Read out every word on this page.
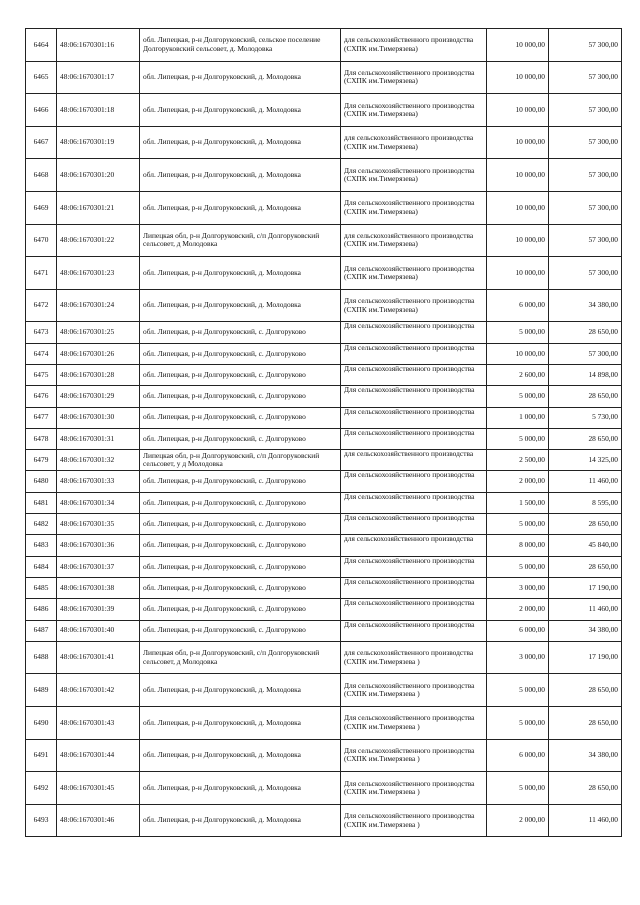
6464	48:06:1670301:16	обл. Липецкая, р-н Долгоруковский, сельское поселение Долгоруковский сельсовет, д. Молодовка	для сельскохозяйственного производства (СХПК им.Тимерязева)	10 000,00	57 300,00
6465	48:06:1670301:17	обл. Липецкая, р-н Долгоруковский, д. Молодовка	Для сельскохозяйственного производства (СХПК им.Тимерязева)	10 000,00	57 300,00
6466	48:06:1670301:18	обл. Липецкая, р-н Долгоруковский, д. Молодовка	Для сельскохозяйственного производства (СХПК им.Тимерязева)	10 000,00	57 300,00
6467	48:06:1670301:19	обл. Липецкая, р-н Долгоруковский, д. Молодовка	для сельскохозяйственного производства (СХПК им.Тимерязева)	10 000,00	57 300,00
6468	48:06:1670301:20	обл. Липецкая, р-н Долгоруковский, д. Молодовка	Для сельскохозяйственного производства (СХПК им.Тимерязева)	10 000,00	57 300,00
6469	48:06:1670301:21	обл. Липецкая, р-н Долгоруковский, д. Молодовка	Для сельскохозяйственного производства (СХПК им.Тимерязева)	10 000,00	57 300,00
6470	48:06:1670301:22	Липецкая обл, р-н Долгоруковский, с/п Долгоруковский сельсовет, д Молодовка	для сельскохозяйственного производства (СХПК им.Тимерязева)	10 000,00	57 300,00
6471	48:06:1670301:23	обл. Липецкая, р-н Долгоруковский, д. Молодовка	Для сельскохозяйственного производства (СХПК им.Тимерязева)	10 000,00	57 300,00
6472	48:06:1670301:24	обл. Липецкая, р-н Долгоруковский, д. Молодовка	Для сельскохозяйственного производства (СХПК им.Тимерязева)	6 000,00	34 380,00
6473	48:06:1670301:25	обл. Липецкая, р-н Долгоруковский, с. Долгоруково	Для сельскохозяйственного производства	5 000,00	28 650,00
6474	48:06:1670301:26	обл. Липецкая, р-н Долгоруковский, с. Долгоруково	Для сельскохозяйственного производства	10 000,00	57 300,00
6475	48:06:1670301:28	обл. Липецкая, р-н Долгоруковский, с. Долгоруково	Для сельскохозяйственного производства	2 600,00	14 898,00
6476	48:06:1670301:29	обл. Липецкая, р-н Долгоруковский, с. Долгоруково	Для сельскохозяйственного производства	5 000,00	28 650,00
6477	48:06:1670301:30	обл. Липецкая, р-н Долгоруковский, с. Долгоруково	Для сельскохозяйственного производства	1 000,00	5 730,00
6478	48:06:1670301:31	обл. Липецкая, р-н Долгоруковский, с. Долгоруково	Для сельскохозяйственного производства	5 000,00	28 650,00
6479	48:06:1670301:32	Липецкая обл, р-н Долгоруковский, с/п Долгоруковский сельсовет, у д Молодовка	для сельскохозяйственного производства	2 500,00	14 325,00
6480	48:06:1670301:33	обл. Липецкая, р-н Долгоруковский, с. Долгоруково	Для сельскохозяйственного производства	2 000,00	11 460,00
6481	48:06:1670301:34	обл. Липецкая, р-н Долгоруковский, с. Долгоруково	Для сельскохозяйственного производства	1 500,00	8 595,00
6482	48:06:1670301:35	обл. Липецкая, р-н Долгоруковский, с. Долгоруково	Для сельскохозяйственного производства	5 000,00	28 650,00
6483	48:06:1670301:36	обл. Липецкая, р-н Долгоруковский, с. Долгоруково	для сельскохозяйственного производства	8 000,00	45 840,00
6484	48:06:1670301:37	обл. Липецкая, р-н Долгоруковский, с. Долгоруково	Для сельскохозяйственного производства	5 000,00	28 650,00
6485	48:06:1670301:38	обл. Липецкая, р-н Долгоруковский, с. Долгоруково	Для сельскохозяйственного производства	3 000,00	17 190,00
6486	48:06:1670301:39	обл. Липецкая, р-н Долгоруковский, с. Долгоруково	Для сельскохозяйственного производства	2 000,00	11 460,00
6487	48:06:1670301:40	обл. Липецкая, р-н Долгоруковский, с. Долгоруково	Для сельскохозяйственного производства	6 000,00	34 380,00
6488	48:06:1670301:41	Липецкая обл, р-н Долгоруковский, с/п Долгоруковский сельсовет, д Молодовка	для сельскохозяйственного производства (СХПК им.Тимерязева )	3 000,00	17 190,00
6489	48:06:1670301:42	обл. Липецкая, р-н Долгоруковский, д. Молодовка	Для сельскохозяйственного производства (СХПК им.Тимерязева )	5 000,00	28 650,00
6490	48:06:1670301:43	обл. Липецкая, р-н Долгоруковский, д. Молодовка	Для сельскохозяйственного производства (СХПК им.Тимерязева )	5 000,00	28 650,00
6491	48:06:1670301:44	обл. Липецкая, р-н Долгоруковский, д. Молодовка	Для сельскохозяйственного производства (СХПК им.Тимерязева )	6 000,00	34 380,00
6492	48:06:1670301:45	обл. Липецкая, р-н Долгоруковский, д. Молодовка	Для сельскохозяйственного производства (СХПК им.Тимерязева )	5 000,00	28 650,00
6493	48:06:1670301:46	обл. Липецкая, р-н Долгоруковский, д. Молодовка	Для сельскохозяйственного производства (СХПК им.Тимерязева )	2 000,00	11 460,00
